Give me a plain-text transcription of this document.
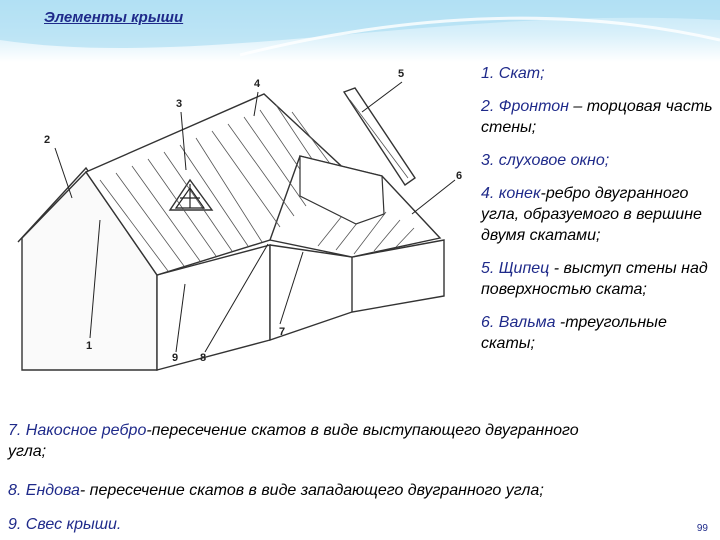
Элементы крыши
1
2
3
4
5
6
7
8
9

1. Скат;

2. Фронтон – торцовая часть стены;

3. слуховое окно;

4. конек-ребро двугранного угла, образуемого в вершине двумя скатами;

5. Щипец - выступ стены над поверхностью ската;

6. Вальма -треугольные скаты;

7. Накосное ребро-пересечение скатов в виде выступающего двугранного угла;
8. Ендова- пересечение скатов в виде западающего двугранного угла;
9. Свес крыши.	99
